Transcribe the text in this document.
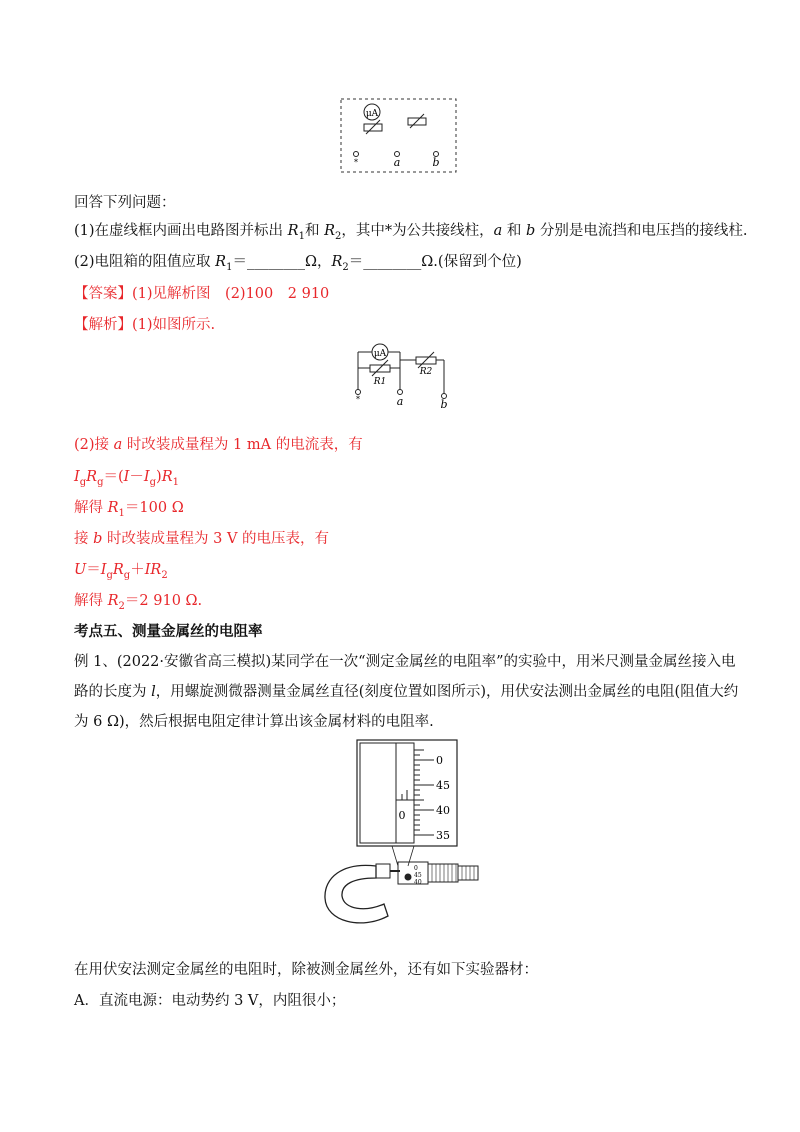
μA
*	a	b
回答下列问题：
(1)在虚线框内画出电路图并标出 $R_1$和 $R_2$，其中*为公共接线柱，a 和 b 分别是电流挡和电压挡的接线柱.
(2)电阻箱的阻值应取 $R_1=\_\_\_\_\_\_\_\_\Omega$，$R_2=\_\_\_\_\_\_\_\_\Omega$.(保留到个位)
【答案】(1)见解析图　(2)100　2 910
【解析】(1)如图所示.
μA
R1
R2
*	a	b
(2)接 a 时改装成量程为 1 mA 的电流表，有
$I_gR_g=(I-I_g)R_1$
解得 $R_1=100$ Ω
接 b 时改装成量程为 3 V 的电压表，有
$U=I_gR_g+IR_2$
解得 $R_2=2$ 910 Ω.
考点五、测量金属丝的电阻率
例 1、(2022·安徽省高三模拟)某同学在一次“测定金属丝的电阻率”的实验中，用米尺测量金属丝接入电
路的长度为 l，用螺旋测微器测量金属丝直径(刻度位置如图所示)，用伏安法测出金属丝的电阻(阻值大约
为 6 Ω)，然后根据电阻定律计算出该金属材料的电阻率.
0
0
45
40
35
0
45
40
在用伏安法测定金属丝的电阻时，除被测金属丝外，还有如下实验器材：
A．直流电源：电动势约 3 V，内阻很小；
